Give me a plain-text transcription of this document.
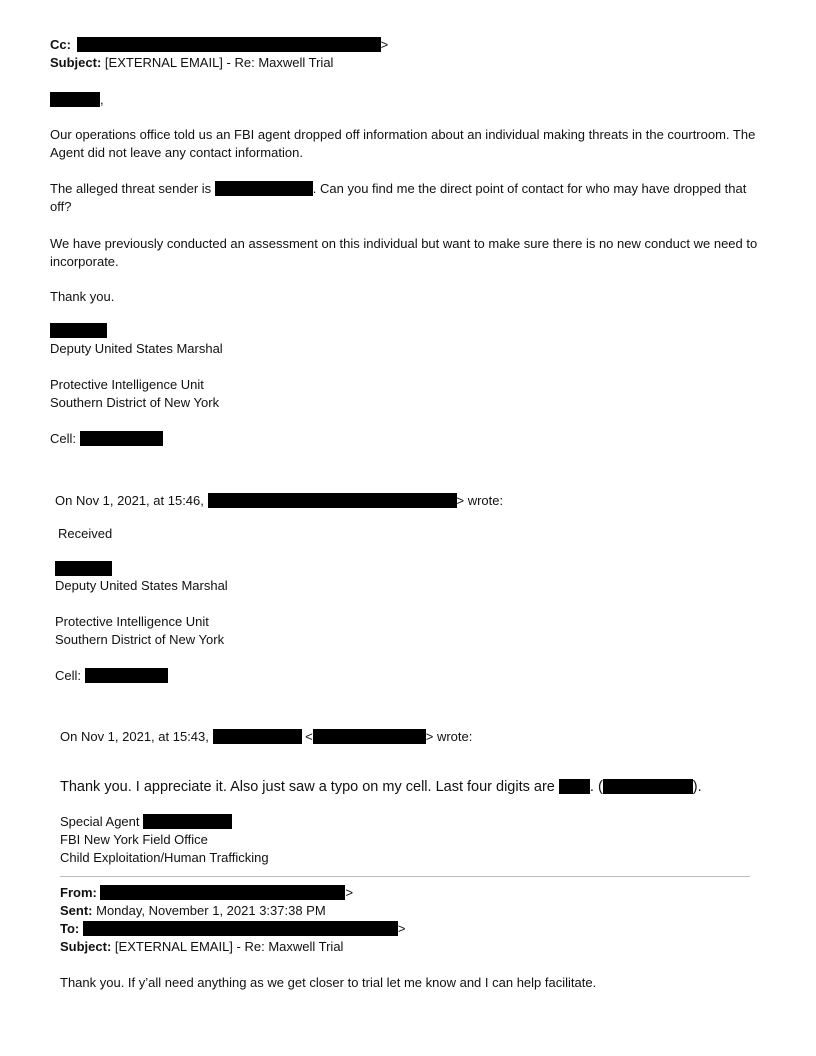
Cc:	>
Subject: [EXTERNAL EMAIL] - Re: Maxwell Trial
,
Our operations office told us an FBI agent dropped off information about an individual making threats in the courtroom. The Agent did not leave any contact information.
The alleged threat sender is	. Can you find me the direct point of contact for who may have dropped that off?
We have previously conducted an assessment on this individual but want to make sure there is no new conduct we need to incorporate.
Thank you.
Deputy United States Marshal
Protective Intelligence Unit
Southern District of New York
Cell:
On Nov 1, 2021, at 15:46,	> wrote:
Received
Deputy United States Marshal
Protective Intelligence Unit
Southern District of New York
Cell:
On Nov 1, 2021, at 15:43,	<	> wrote:
Thank you. I appreciate it. Also just saw a typo on my cell. Last four digits are . (	).
Special Agent
FBI New York Field Office
Child Exploitation/Human Trafficking
From:	>
Sent: Monday, November 1, 2021 3:37:38 PM
To:	>
Subject: [EXTERNAL EMAIL] - Re: Maxwell Trial
Thank you. If y’all need anything as we get closer to trial let me know and I can help facilitate.
